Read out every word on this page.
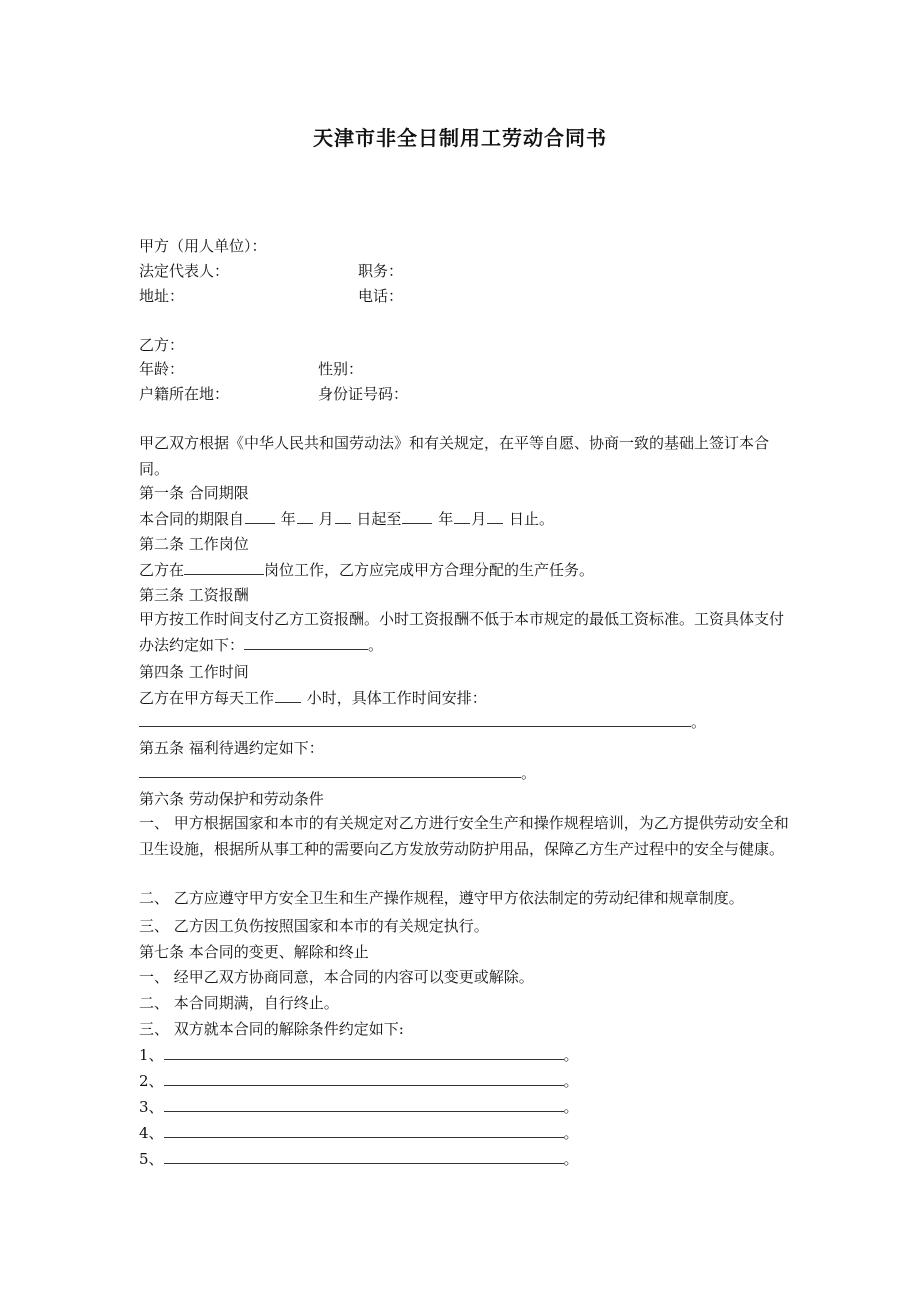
天津市非全日制用工劳动合同书
甲方（用人单位）：
法定代表人：	职务：
地址：	电话：
乙方：
年龄：	性别：
户籍所在地：	身份证号码：
甲乙双方根据《中华人民共和国劳动法》和有关规定，在平等自愿、协商一致的基础上签订本合同。
第一条 合同期限
本合同的期限自 年 月 日起至 年 月 日止。
第二条 工作岗位
乙方在	岗位工作，乙方应完成甲方合理分配的生产任务。
第三条 工资报酬
甲方按工作时间支付乙方工资报酬。小时工资报酬不低于本市规定的最低工资标准。工资具体支付办法约定如下：	。
第四条 工作时间
乙方在甲方每天工作 小时，具体工作时间安排：
。
第五条 福利待遇约定如下：
。
第六条 劳动保护和劳动条件
一、 甲方根据国家和本市的有关规定对乙方进行安全生产和操作规程培训，为乙方提供劳动安全和卫生设施，根据所从事工种的需要向乙方发放劳动防护用品，保障乙方生产过程中的安全与健康。
二、 乙方应遵守甲方安全卫生和生产操作规程，遵守甲方依法制定的劳动纪律和规章制度。
三、 乙方因工负伤按照国家和本市的有关规定执行。
第七条 本合同的变更、解除和终止
一、 经甲乙双方协商同意，本合同的内容可以变更或解除。
二、 本合同期满，自行终止。
三、 双方就本合同的解除条件约定如下:
1、	。
2、	。
3、	。
4、	。
5、	。
